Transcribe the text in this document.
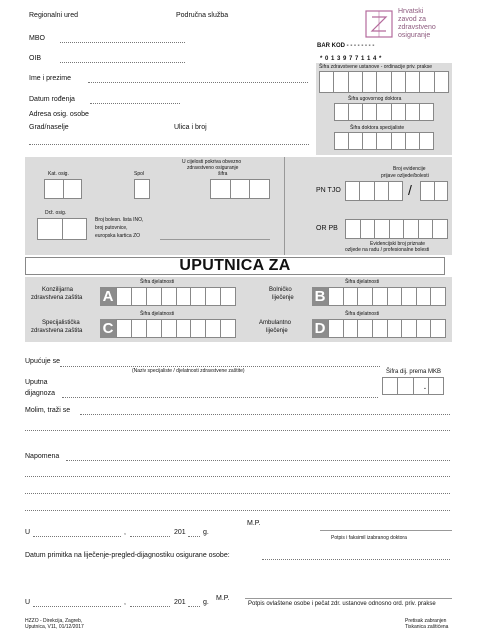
Regionalni ured	Područna služba
MBO
OIB
Ime i prezime
Datum rođenja
Adresa osig. osobe
Grad/naselje	Ulica i broj
Hrvatski
zavod za
zdravstveno
osiguranje
BAR KOD - - - - - - - -
* 0 1 3 9 7 7 1 1 4 *
Šifra zdravstvene ustanove - ordinacije priv. prakse
Šifra ugovornog doktora
Šifra doktora specijaliste
Kat. osig.	Spol
U cijelosti pokriva obvezno
zdravstveno osiguranje
šifra
Drž. osig.
Broj bolesn. lista INO,
broj putovnice,
europska kartica ZO
Broj evidencije
prijave ozljede/bolesti
PN TJO	/
OR PB
Evidencijski broj priznate
ozljede na radu / profesionalne bolesti
UPUTNICA ZA
Šifra djelatnosti
Konzilijarna
zdravstvena zaštita A
Šifra djelatnosti
Bolničko
liječenje B
Šifra djelatnosti
Specijalistička
zdravstvena zaštita C
Šifra djelatnosti
Ambulantno
liječenje D
Upućuje se
(Naziv specijaliste / djelatnosti zdravstvene zaštite)	Šifra dij. prema MKB
.
Uputna
dijagnoza
Molim, traži se
Napomena
U	,	201 g.
M.P.
Potpis i faksimil izabranog doktora
Datum primitka na liječenje-pregled-dijagnostiku osigurane osobe:
U	,	201 g.
M.P.
Potpis ovlaštene osobe i pečat zdr. ustanove odnosno ord. priv. prakse
HZZO - Direkcija, Zagreb,
Uputnica, V11, 01/12/2017
Pretisak zabranjen
Tiskanica zaštićena
